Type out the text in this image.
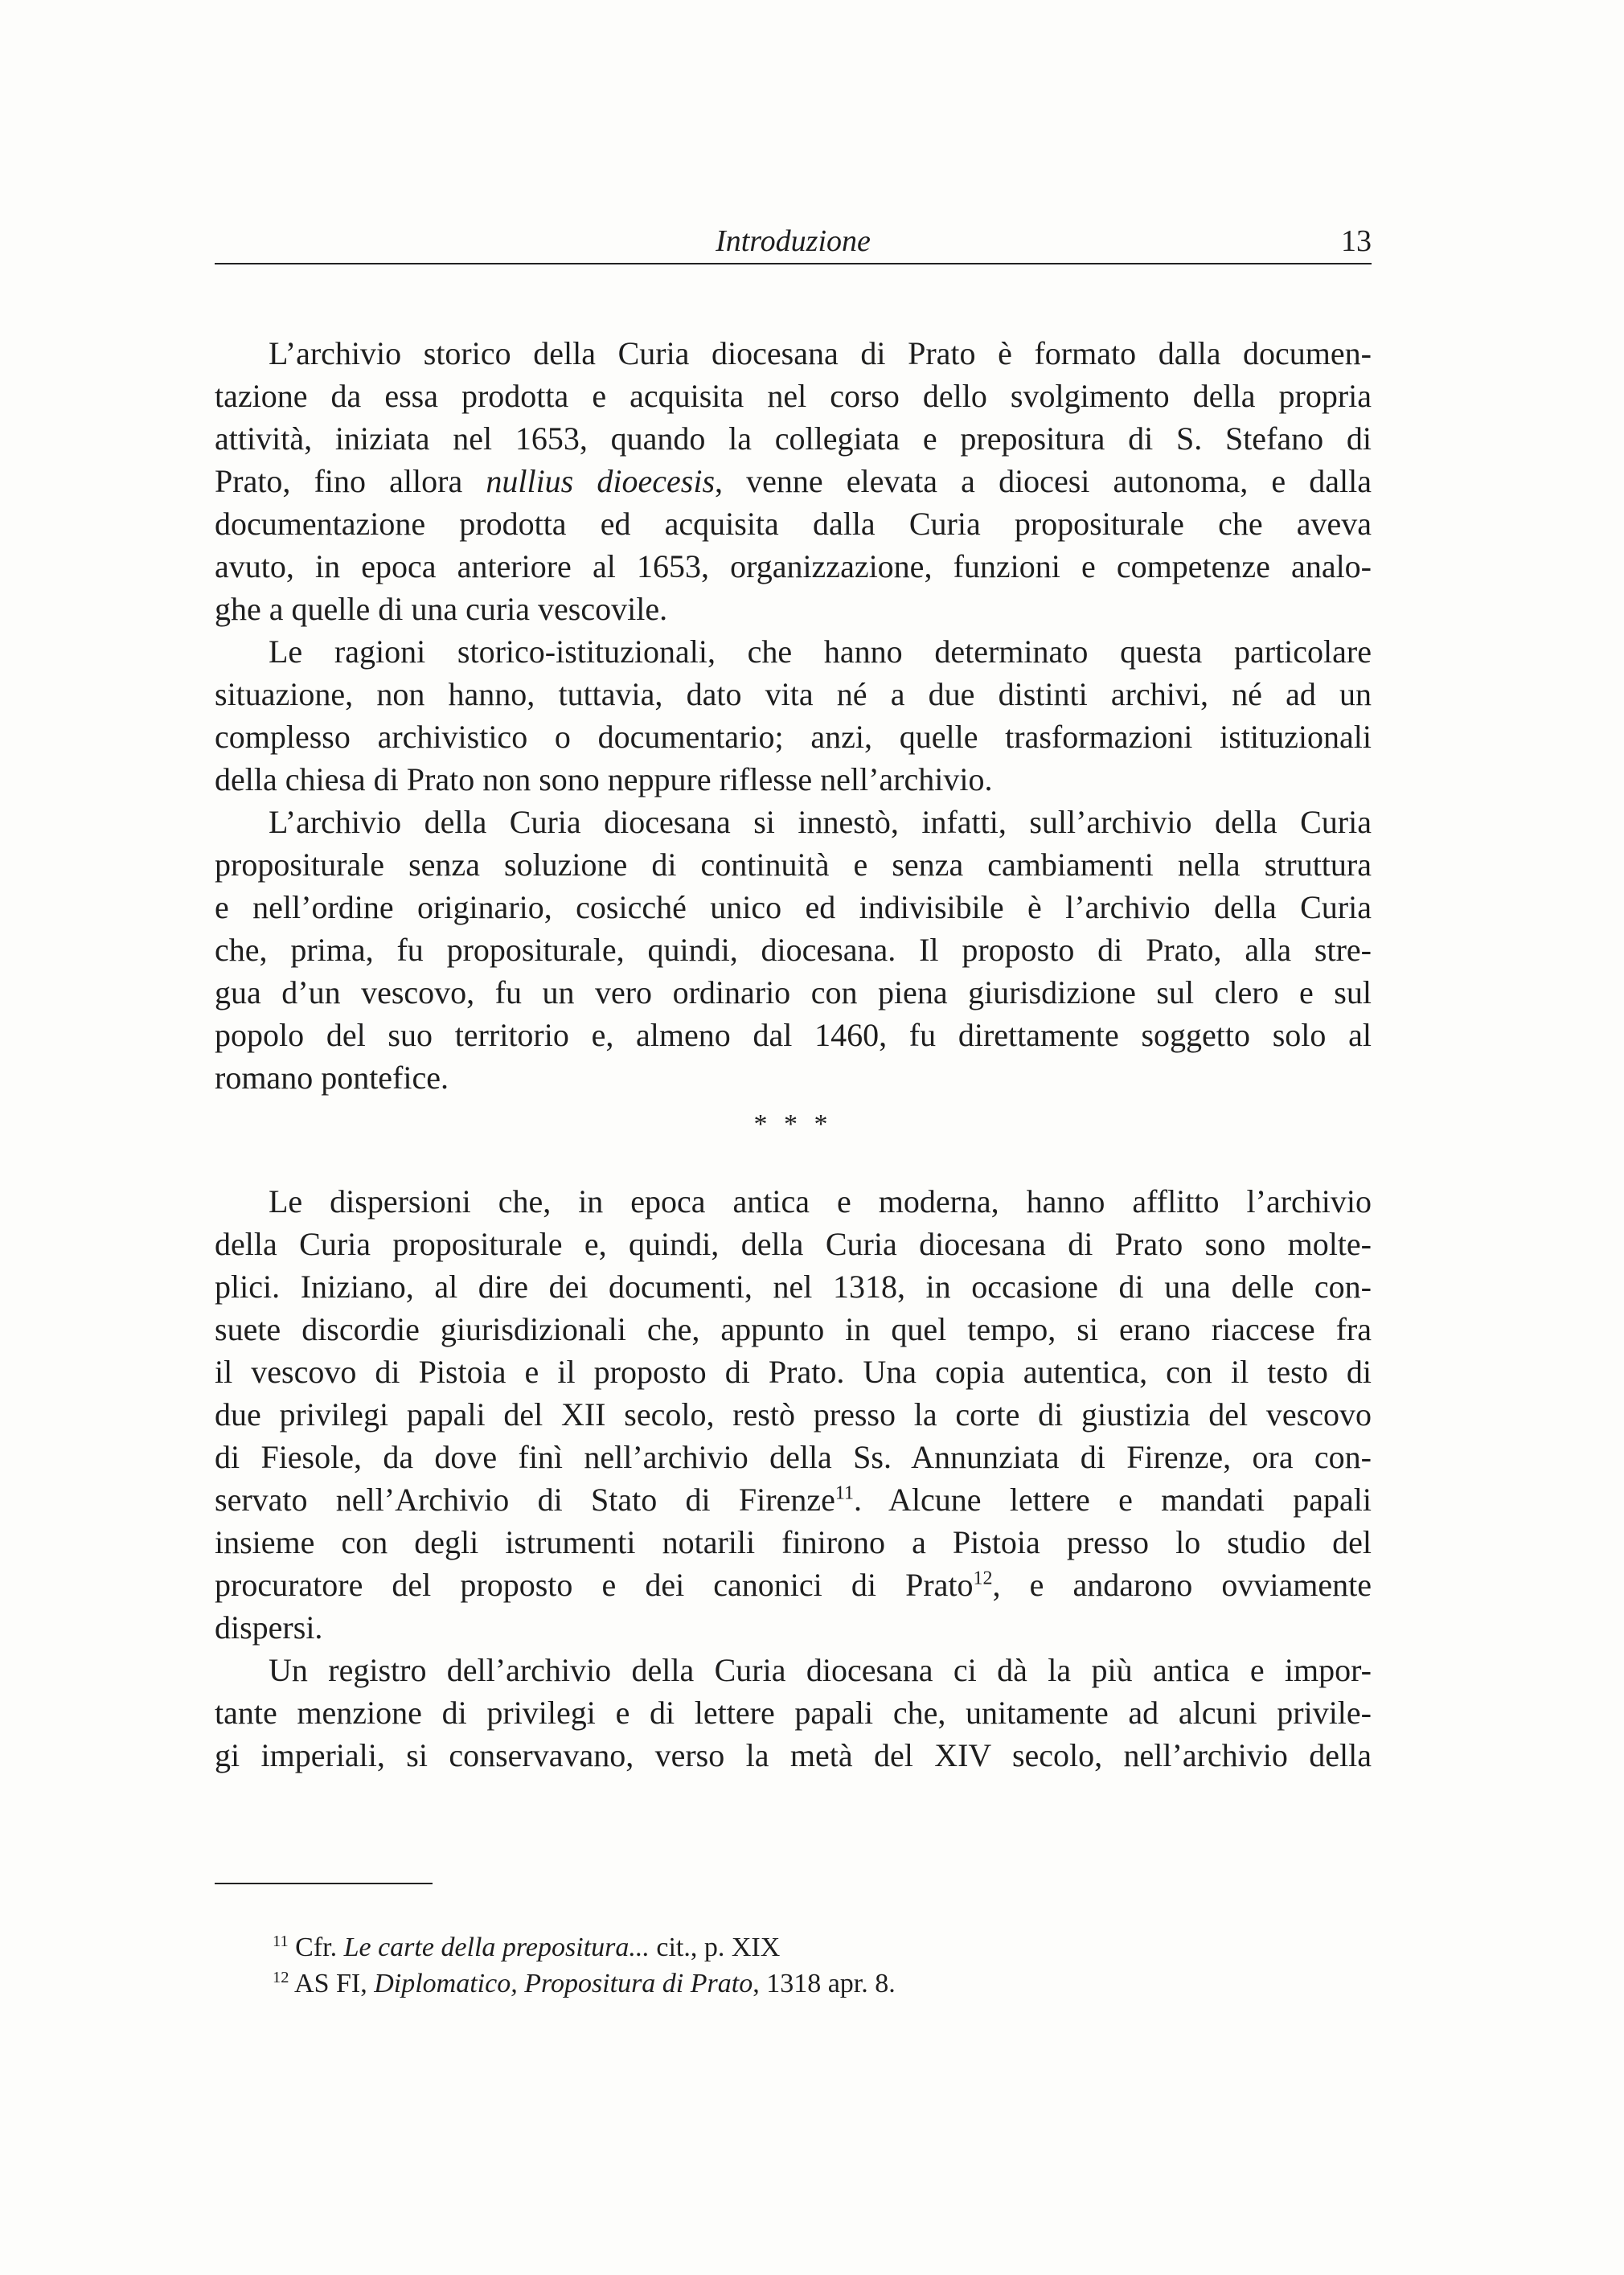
Introduzione	13
L’archivio storico della Curia diocesana di Prato è formato dalla documen-
tazione da essa prodotta e acquisita nel corso dello svolgimento della propria
attività, iniziata nel 1653, quando la collegiata e prepositura di S. Stefano di
Prato, fino allora nullius dioecesis, venne elevata a diocesi autonoma, e dalla
documentazione prodotta ed acquisita dalla Curia propositurale che aveva
avuto, in epoca anteriore al 1653, organizzazione, funzioni e competenze analo-
ghe a quelle di una curia vescovile.
Le ragioni storico-istituzionali, che hanno determinato questa particolare
situazione, non hanno, tuttavia, dato vita né a due distinti archivi, né ad un
complesso archivistico o documentario; anzi, quelle trasformazioni istituzionali
della chiesa di Prato non sono neppure riflesse nell’archivio.
L’archivio della Curia diocesana si innestò, infatti, sull’archivio della Curia
propositurale senza soluzione di continuità e senza cambiamenti nella struttura
e nell’ordine originario, cosicché unico ed indivisibile è l’archivio della Curia
che, prima, fu propositurale, quindi, diocesana. Il proposto di Prato, alla stre-
gua d’un vescovo, fu un vero ordinario con piena giurisdizione sul clero e sul
popolo del suo territorio e, almeno dal 1460, fu direttamente soggetto solo al
romano pontefice.
* * *
Le dispersioni che, in epoca antica e moderna, hanno afflitto l’archivio
della Curia propositurale e, quindi, della Curia diocesana di Prato sono molte-
plici. Iniziano, al dire dei documenti, nel 1318, in occasione di una delle con-
suete discordie giurisdizionali che, appunto in quel tempo, si erano riaccese fra
il vescovo di Pistoia e il proposto di Prato. Una copia autentica, con il testo di
due privilegi papali del XII secolo, restò presso la corte di giustizia del vescovo
di Fiesole, da dove finì nell’archivio della Ss. Annunziata di Firenze, ora con-
servato nell’Archivio di Stato di Firenze$^{11}$. Alcune lettere e mandati papali
insieme con degli istrumenti notarili finirono a Pistoia presso lo studio del
procuratore del proposto e dei canonici di Prato$^{12}$, e andarono ovviamente
dispersi.
Un registro dell’archivio della Curia diocesana ci dà la più antica e impor-
tante menzione di privilegi e di lettere papali che, unitamente ad alcuni privile-
gi imperiali, si conservavano, verso la metà del XIV secolo, nell’archivio della
$^{11}$ Cfr. Le carte della prepositura... cit., p. XIX
$^{12}$ AS FI, Diplomatico, Propositura di Prato, 1318 apr. 8.
